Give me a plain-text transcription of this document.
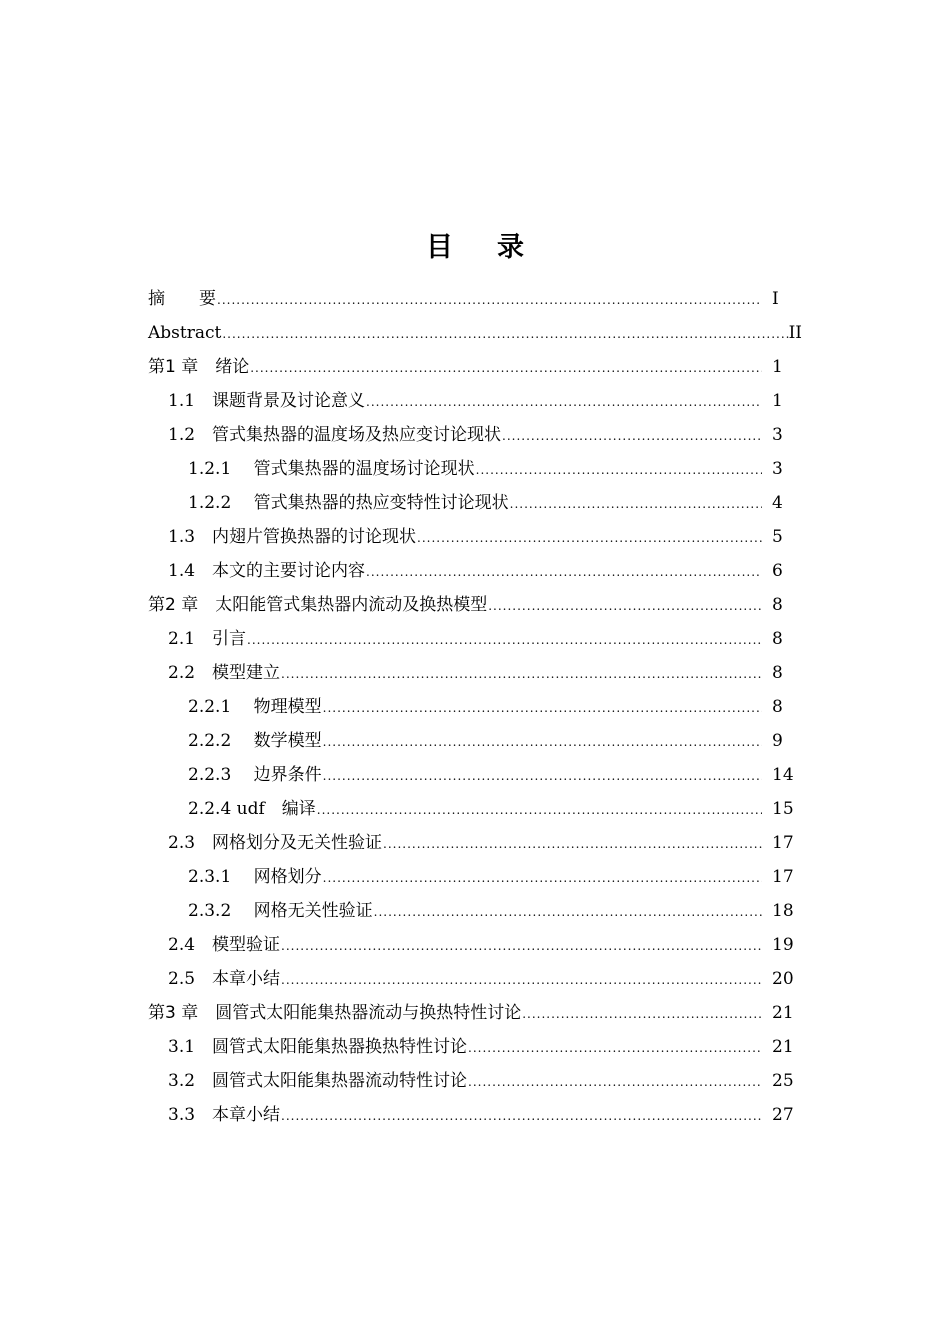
目 录
摘　　要 .....	I
Abstract .....	II
第1 章　绪论 .....	1
1.1　课题背景及讨论意义 .....	1
1.2　管式集热器的温度场及热应变讨论现状 .....	3
1.2.1　 管式集热器的温度场讨论现状 .....	3
1.2.2　 管式集热器的热应变特性讨论现状 .....	4
1.3　内翅片管换热器的讨论现状 .....	5
1.4　本文的主要讨论内容 .....	6
第2 章　太阳能管式集热器内流动及换热模型 .....	8
2.1　引言 .....	8
2.2　模型建立 .....	8
2.2.1　 物理模型 .....	8
2.2.2　 数学模型 .....	9
2.2.3　 边界条件 .....	14
2.2.4 udf　编译 .....	15
2.3　网格划分及无关性验证 .....	17
2.3.1　 网格划分 .....	17
2.3.2　 网格无关性验证 .....	18
2.4　模型验证 .....	19
2.5　本章小结 .....	20
第3 章　圆管式太阳能集热器流动与换热特性讨论 .....	21
3.1　圆管式太阳能集热器换热特性讨论 .....	21
3.2　圆管式太阳能集热器流动特性讨论 .....	25
3.3　本章小结 .....	27
